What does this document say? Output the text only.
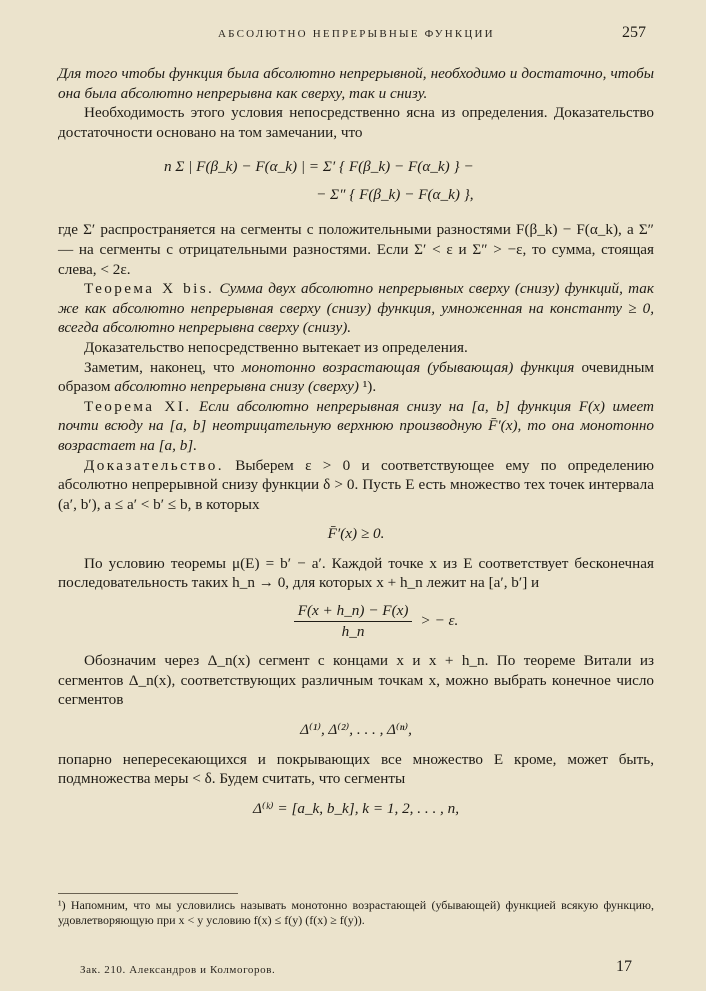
АБСОЛЮТНО НЕПРЕРЫВНЫЕ ФУНКЦИИ	257

Для того чтобы функция была абсолютно непрерывной, необходимо и достаточно, чтобы она была абсолютно непрерывна как сверху, так и снизу.

Необходимость этого условия непосредственно ясна из определения. Доказательство достаточности основано на том замечании, что

n Σ | F(β_k) − F(α_k) | = Σ′ { F(β_k) − F(α_k) } −
− Σ″ { F(β_k) − F(α_k) },

где Σ′ распространяется на сегменты с положительными разностями F(β_k) − F(α_k), а Σ″ — на сегменты с отрицательными разностями. Если Σ′ < ε и Σ″ > −ε, то сумма, стоящая слева, < 2ε.

Теорема X bis. Сумма двух абсолютно непрерывных сверху (снизу) функций, так же как абсолютно непрерывная сверху (снизу) функция, умноженная на константу ≥ 0, всегда абсолютно непрерывна сверху (снизу).

Доказательство непосредственно вытекает из определения.

Заметим, наконец, что монотонно возрастающая (убывающая) функция очевидным образом абсолютно непрерывна снизу (сверху) ¹).

Теорема XI. Если абсолютно непрерывная снизу на [a, b] функция F(x) имеет почти всюду на [a, b] неотрицательную верхнюю производную F̄′(x), то она монотонно возрастает на [a, b].

Доказательство. Выберем ε > 0 и соответствующее ему по определению абсолютно непрерывной снизу функции δ > 0. Пусть E есть множество тех точек интервала (a′, b′), a ≤ a′ < b′ ≤ b, в которых

F̄′(x) ≥ 0.

По условию теоремы μ(E) = b′ − a′. Каждой точке x из E соответствует бесконечная последовательность таких h_n → 0, для которых x + h_n лежит на [a′, b′] и

$\frac{F(x + h\_n) - F(x)}{h\_n}$ > − ε.

Обозначим через Δ_n(x) сегмент с концами x и x + h_n. По теореме Витали из сегментов Δ_n(x), соответствующих различным точкам x, можно выбрать конечное число сегментов

Δ⁽¹⁾, Δ⁽²⁾, . . . , Δ⁽ⁿ⁾,

попарно непересекающихся и покрывающих все множество E кроме, может быть, подмножества меры < δ. Будем считать, что сегменты

Δ⁽ᵏ⁾ = [a_k, b_k], k = 1, 2, . . . , n,
¹) Напомним, что мы условились называть монотонно возрастающей (убывающей) функцией всякую функцию, удовлетворяющую при x < y условию f(x) ≤ f(y) (f(x) ≥ f(y)).
Зак. 210. Александров и Колмогоров.	17
